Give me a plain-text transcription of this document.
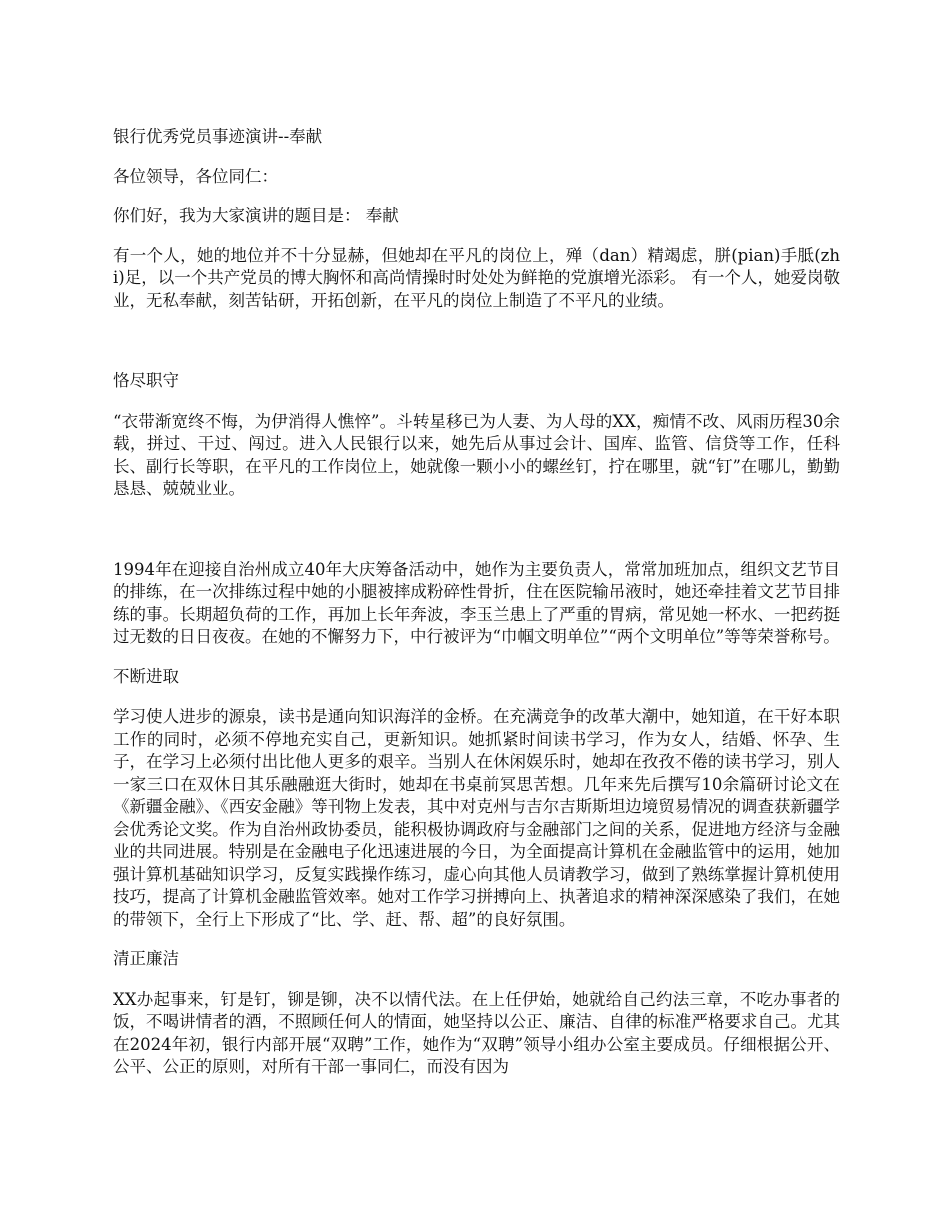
银行优秀党员事迹演讲--奉献

各位领导，各位同仁：

你们好，我为大家演讲的题目是： 奉献

有一个人，她的地位并不十分显赫，但她却在平凡的岗位上，殚（dan）精竭虑，胼(pian)手胝(zhi)足，以一个共产党员的博大胸怀和高尚情操时时处处为鲜艳的党旗增光添彩。 有一个人，她爱岗敬业，无私奉献，刻苦钻研，开拓创新，在平凡的岗位上制造了不平凡的业绩。

恪尽职守

“衣带渐宽终不悔，为伊消得人憔悴”。斗转星移已为人妻、为人母的XX，痴情不改、风雨历程30余载，拼过、干过、闯过。进入人民银行以来，她先后从事过会计、国库、监管、信贷等工作，任科长、副行长等职，在平凡的工作岗位上，她就像一颗小小的螺丝钉，拧在哪里，就“钉”在哪儿，勤勤恳恳、兢兢业业。

1994年在迎接自治州成立40年大庆筹备活动中，她作为主要负责人，常常加班加点，组织文艺节目的排练，在一次排练过程中她的小腿被摔成粉碎性骨折，住在医院输吊液时，她还牵挂着文艺节目排练的事。长期超负荷的工作，再加上长年奔波，李玉兰患上了严重的胃病，常见她一杯水、一把药挺过无数的日日夜夜。在她的不懈努力下，中行被评为“巾帼文明单位”“两个文明单位”等等荣誉称号。

不断进取

学习使人进步的源泉，读书是通向知识海洋的金桥。在充满竞争的改革大潮中，她知道，在干好本职工作的同时，必须不停地充实自己，更新知识。她抓紧时间读书学习，作为女人，结婚、怀孕、生子，在学习上必须付出比他人更多的艰辛。当别人在休闲娱乐时，她却在孜孜不倦的读书学习，别人一家三口在双休日其乐融融逛大街时，她却在书桌前冥思苦想。几年来先后撰写10余篇研讨论文在《新疆金融》、《西安金融》等刊物上发表，其中对克州与吉尔吉斯斯坦边境贸易情况的调查获新疆学会优秀论文奖。作为自治州政协委员，能积极协调政府与金融部门之间的关系，促进地方经济与金融业的共同进展。特别是在金融电子化迅速进展的今日，为全面提高计算机在金融监管中的运用，她加强计算机基础知识学习，反复实践操作练习，虚心向其他人员请教学习，做到了熟练掌握计算机使用技巧，提高了计算机金融监管效率。她对工作学习拼搏向上、执著追求的精神深深感染了我们，在她的带领下，全行上下形成了“比、学、赶、帮、超”的良好氛围。

清正廉洁

XX办起事来，钉是钉，铆是铆，决不以情代法。在上任伊始，她就给自己约法三章，不吃办事者的饭，不喝讲情者的酒，不照顾任何人的情面，她坚持以公正、廉洁、自律的标准严格要求自己。尤其在2024年初，银行内部开展“双聘”工作，她作为“双聘”领导小组办公室主要成员。仔细根据公开、公平、公正的原则，对所有干部一事同仁，而没有因为
